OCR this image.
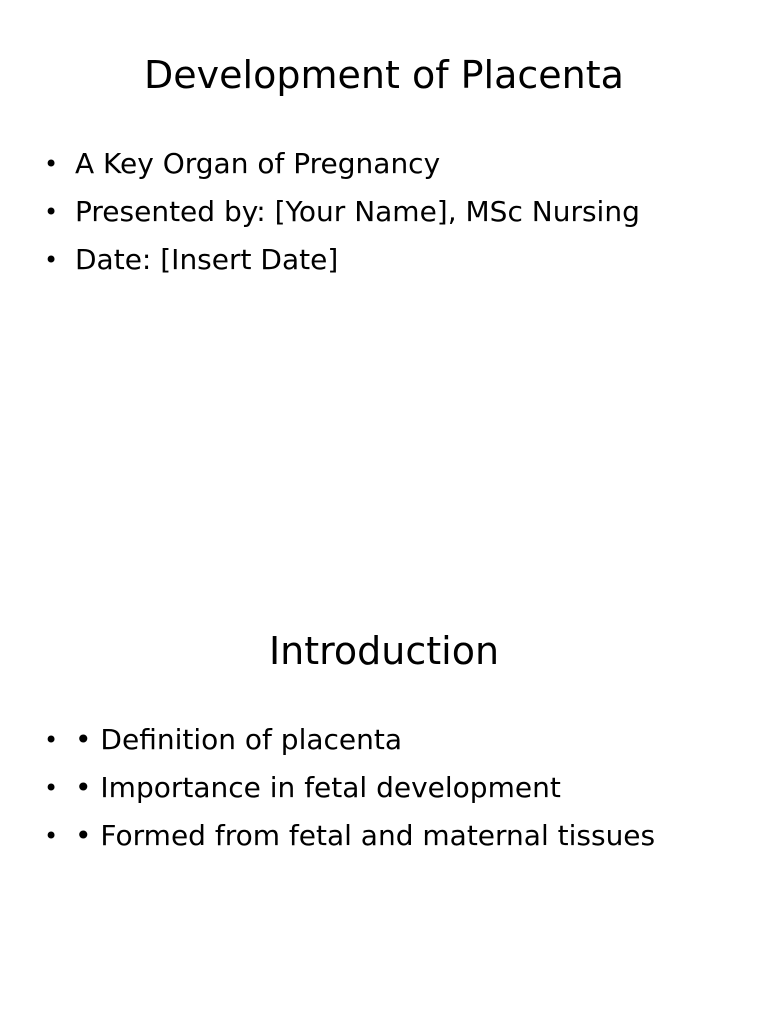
Development of Placenta
• A Key Organ of Pregnancy
• Presented by: [Your Name], MSc Nursing
• Date: [Insert Date]
Introduction
• • Definition of placenta
• • Importance in fetal development
• • Formed from fetal and maternal tissues
